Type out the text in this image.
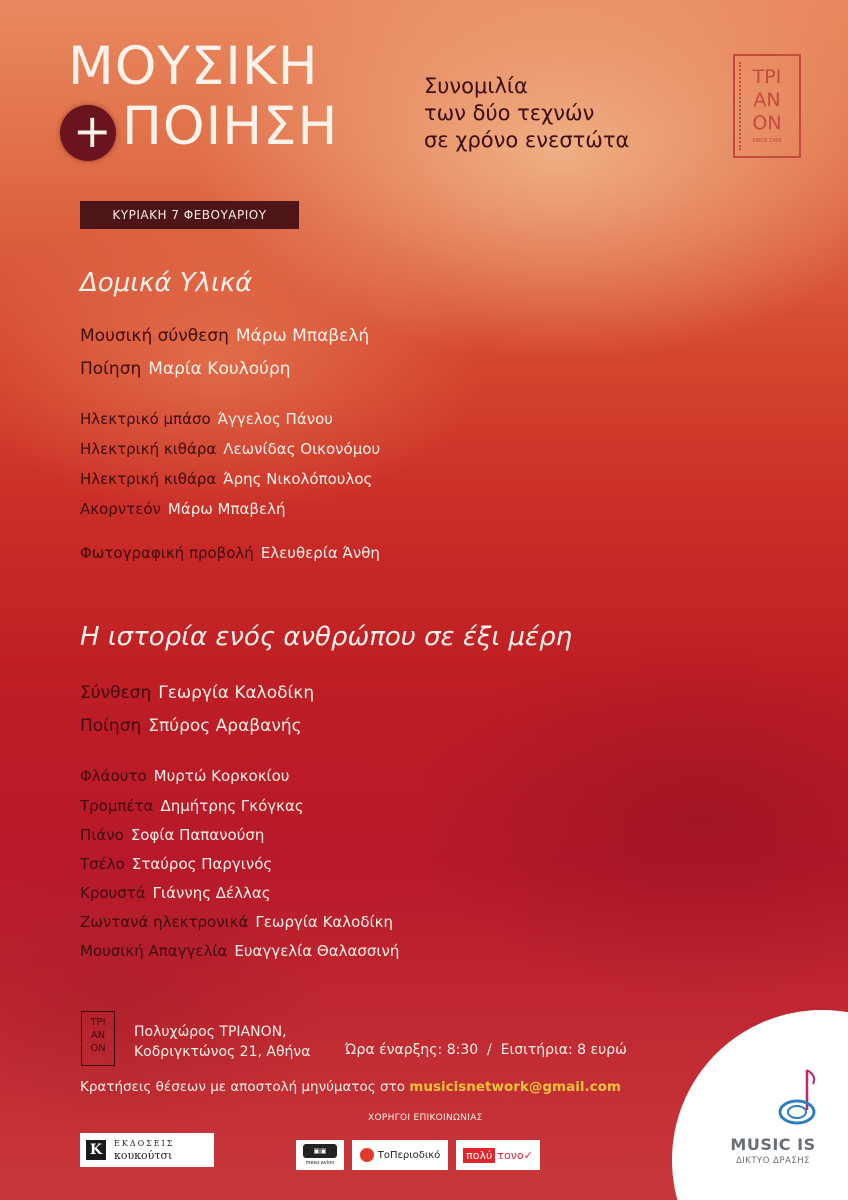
ΜΟΥΣΙΚΗ
+ ΠΟΙΗΣΗ
Συνομιλία
των δύο τεχνών
σε χρόνο ενεστώτα
ΤΡΙ
ΑΝ
ΟΝ
SINCE 1968
ΚΥΡΙΑΚΗ 7 ΦΕΒΟΥΑΡΙΟΥ
Δομικά Υλικά
Μουσική σύνθεση Μάρω Μπαβελή
Ποίηση Μαρία Κουλούρη
Ηλεκτρικό μπάσο Άγγελος Πάνου
Ηλεκτρική κιθάρα Λεωνίδας Οικονόμου
Ηλεκτρική κιθάρα Άρης Νικολόπουλος
Ακορντεόν Μάρω Μπαβελή
Φωτογραφική προβολή Ελευθερία Άνθη
Η ιστορία ενός ανθρώπου σε έξι μέρη
Σύνθεση Γεωργία Καλοδίκη
Ποίηση Σπύρος Αραβανής
Φλάουτο Μυρτώ Κορκοκίου
Τρομπέτα Δημήτρης Γκόγκας
Πιάνο Σοφία Παπανούση
Τσέλο Σταύρος Παργινός
Κρουστά Γιάννης Δέλλας
Ζωντανά ηλεκτρονικά Γεωργία Καλοδίκη
Μουσική Απαγγελία Ευαγγελία Θαλασσινή
ΤΡΙ
ΑΝ
ΟΝ
Πολυχώρος ΤΡΙΑΝΟΝ,
Κοδριγκτώνος 21, Αθήνα Ώρα έναρξης: 8:30  /  Εισιτήρια: 8 ευρώ
Κρατήσεις θέσεων με αποστολή μηνύματος στο musicisnetwork@gmail.com
ΧΟΡΗΓΟΙ ΕΠΙΚΟΙΝΩΝΙΑΣ
K	ΕΚΔΟΣΕΙΣ
κουκούτσι	▣▣
meso.avion
ΤοΠεριοδικό πολύ τονο ✓
MUSIC IS
ΔΙΚΤΥΟ ΔΡΑΣΗΣ
